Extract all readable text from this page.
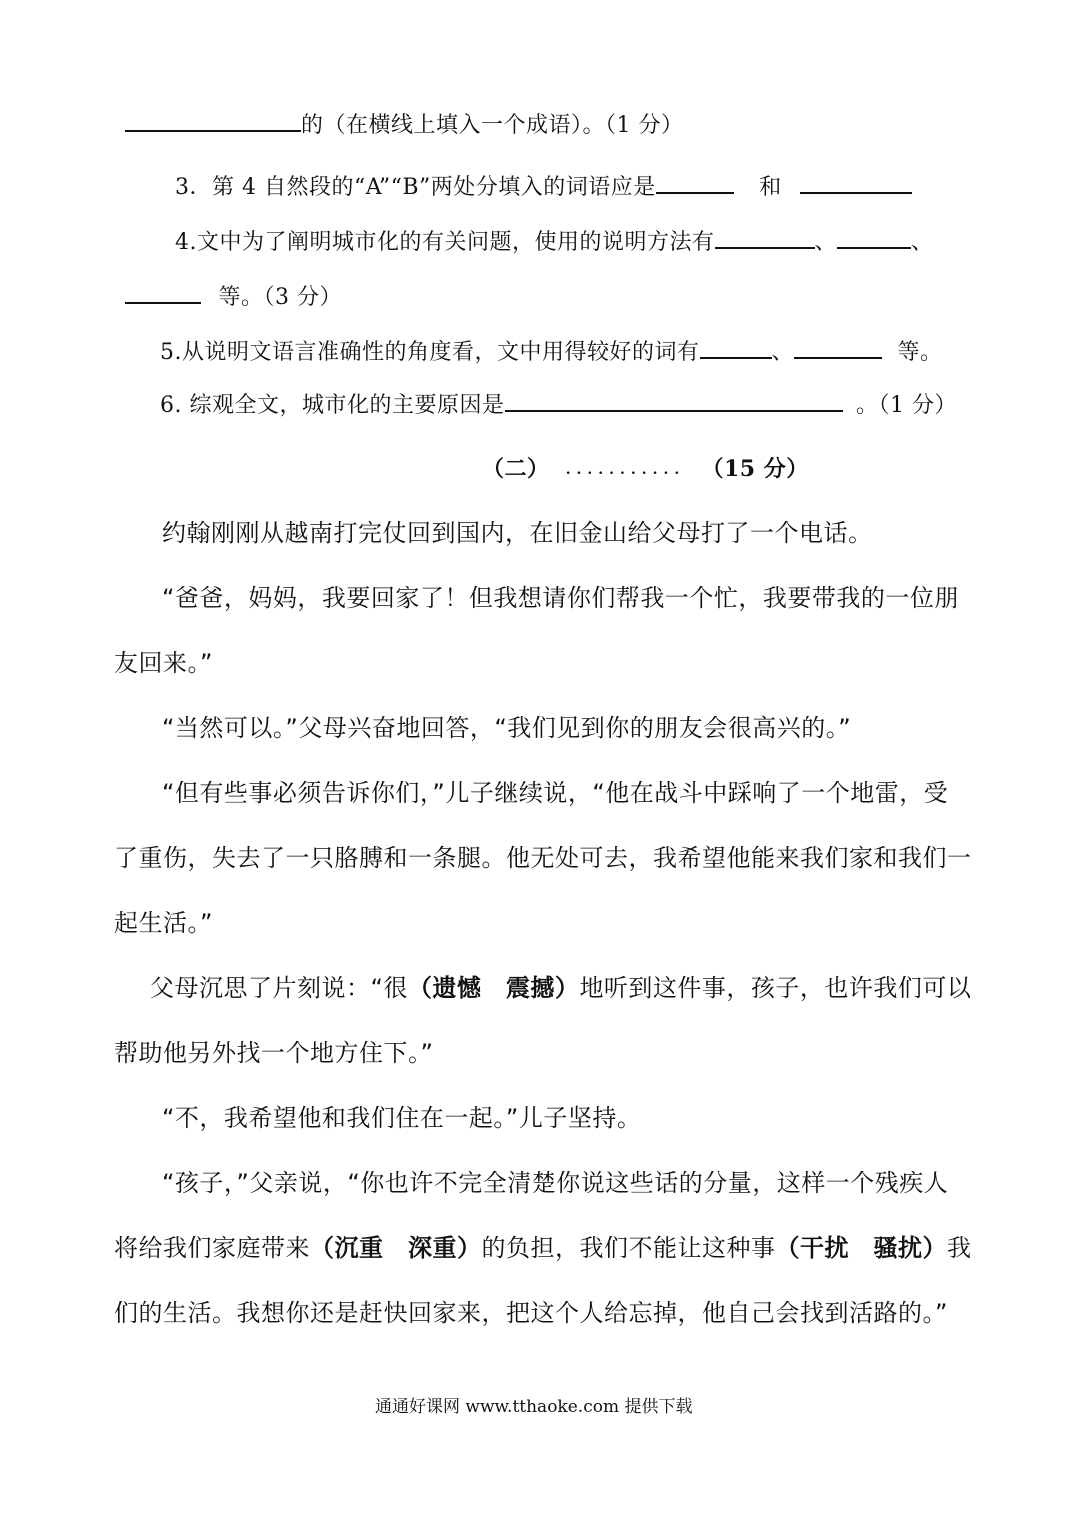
的（在横线上填入一个成语）。（1 分）
3．第 4 自然段的“A”“B”两处分填入的词语应是	和
4.文中为了阐明城市化的有关问题，使用的说明方法有	、	、
等。（3 分）
5.从说明文语言准确性的角度看，文中用得较好的词有	、	等。
6. 综观全文，城市化的主要原因是	。（1 分）
（二） ........... （15 分）
约翰刚刚从越南打完仗回到国内，在旧金山给父母打了一个电话。
“爸爸，妈妈，我要回家了！但我想请你们帮我一个忙，我要带我的一位朋
友回来。”
“当然可以。”父母兴奋地回答，“我们见到你的朋友会很高兴的。”
“但有些事必须告诉你们，”儿子继续说，“他在战斗中踩响了一个地雷，受
了重伤，失去了一只胳膊和一条腿。他无处可去，我希望他能来我们家和我们一
起生活。”
父母沉思了片刻说：“很（遗憾　震撼）地听到这件事，孩子，也许我们可以
帮助他另外找一个地方住下。”
“不，我希望他和我们住在一起。”儿子坚持。
“孩子，”父亲说，“你也许不完全清楚你说这些话的分量，这样一个残疾人
将给我们家庭带来（沉重　深重）的负担，我们不能让这种事（干扰　骚扰）我
们的生活。我想你还是赶快回家来，把这个人给忘掉，他自己会找到活路的。”
通通好课网 www.tthaoke.com 提供下载
